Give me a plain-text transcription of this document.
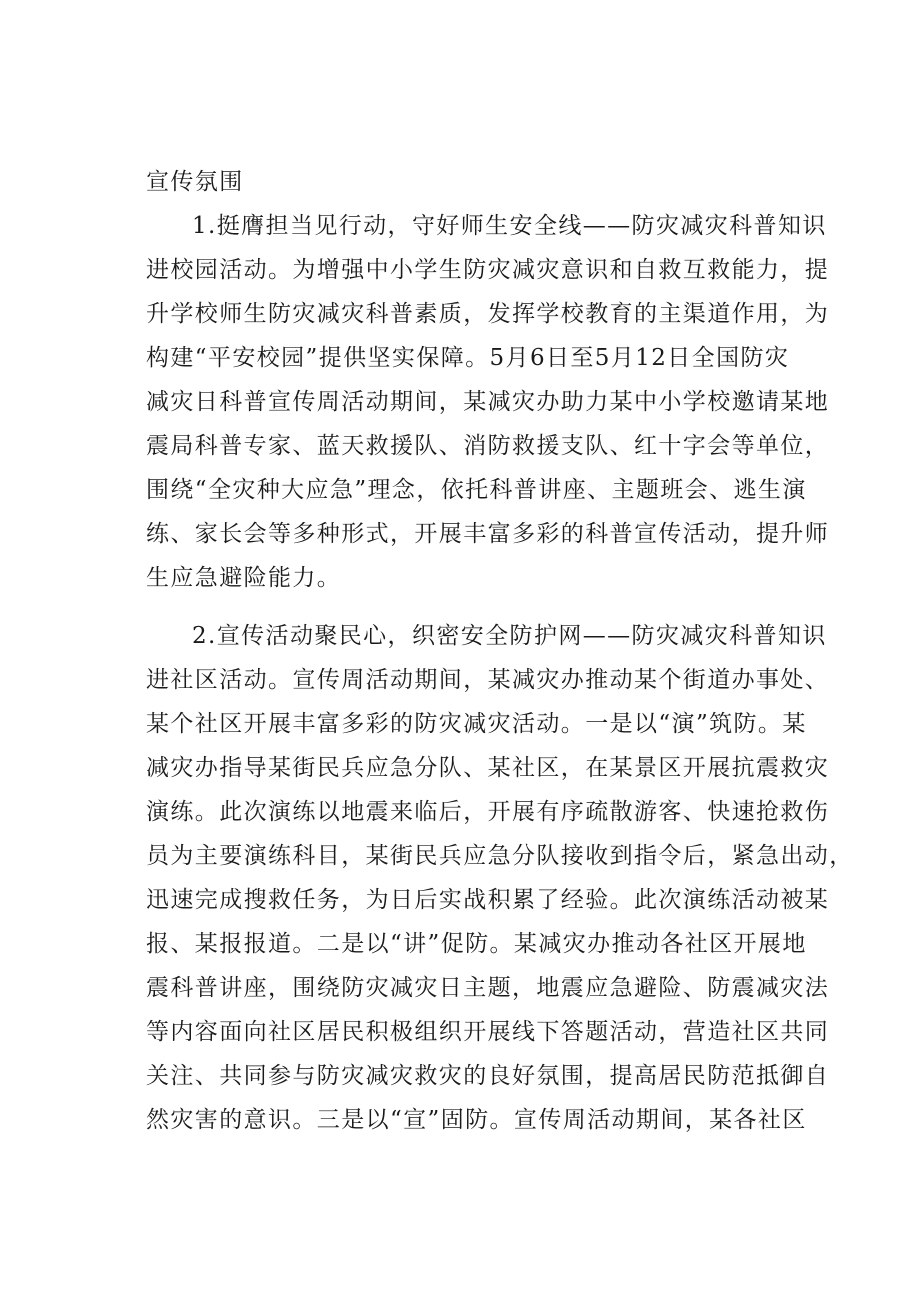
宣传氛围
1.挺膺担当见行动，守好师生安全线——防灾减灾科普知识
进校园活动。为增强中小学生防灾减灾意识和自救互救能力，提
升学校师生防灾减灾科普素质，发挥学校教育的主渠道作用，为
构建“平安校园”提供坚实保障。5月6日至5月12日全国防灾
减灾日科普宣传周活动期间，某减灾办助力某中小学校邀请某地
震局科普专家、蓝天救援队、消防救援支队、红十字会等单位，
围绕“全灾种大应急”理念，依托科普讲座、主题班会、逃生演
练、家长会等多种形式，开展丰富多彩的科普宣传活动，提升师
生应急避险能力。
2.宣传活动聚民心，织密安全防护网——防灾减灾科普知识
进社区活动。宣传周活动期间，某减灾办推动某个街道办事处、
某个社区开展丰富多彩的防灾减灾活动。一是以“演”筑防。某
减灾办指导某街民兵应急分队、某社区，在某景区开展抗震救灾
演练。此次演练以地震来临后，开展有序疏散游客、快速抢救伤
员为主要演练科目，某街民兵应急分队接收到指令后，紧急出动，
迅速完成搜救任务，为日后实战积累了经验。此次演练活动被某
报、某报报道。二是以“讲”促防。某减灾办推动各社区开展地
震科普讲座，围绕防灾减灾日主题，地震应急避险、防震减灾法
等内容面向社区居民积极组织开展线下答题活动，营造社区共同
关注、共同参与防灾减灾救灾的良好氛围，提高居民防范抵御自
然灾害的意识。三是以“宣”固防。宣传周活动期间，某各社区
